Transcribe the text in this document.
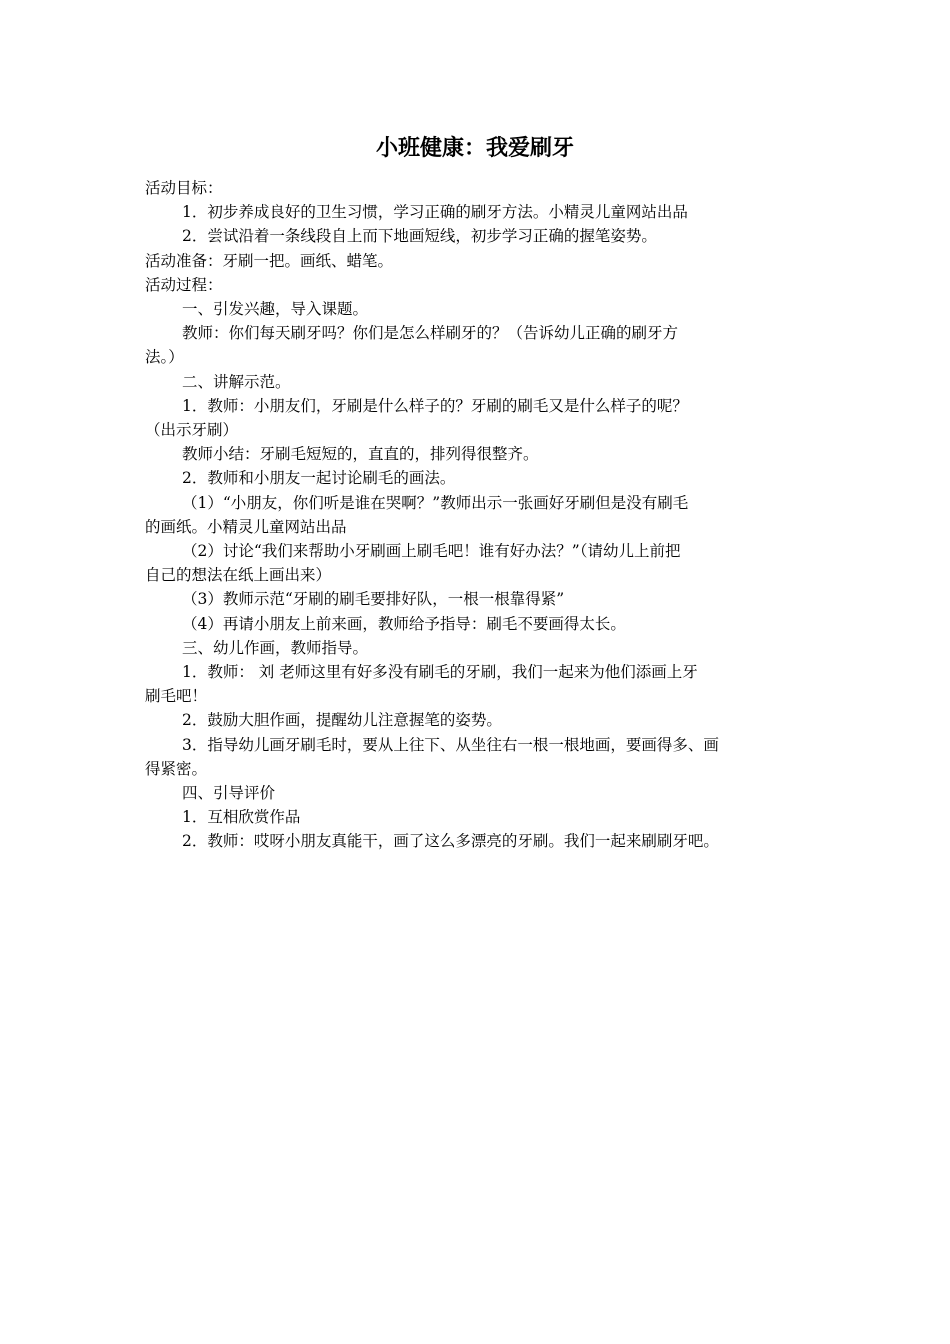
小班健康：我爱刷牙

活动目标：

1．初步养成良好的卫生习惯，学习正确的刷牙方法。小精灵儿童网站出品

2．尝试沿着一条线段自上而下地画短线，初步学习正确的握笔姿势。

活动准备：牙刷一把。画纸、蜡笔。

活动过程：

一、引发兴趣，导入课题。

教师：你们每天刷牙吗？你们是怎么样刷牙的？（告诉幼儿正确的刷牙方

法。）

二、讲解示范。

1．教师：小朋友们，牙刷是什么样子的？牙刷的刷毛又是什么样子的呢？

（出示牙刷）

教师小结：牙刷毛短短的，直直的，排列得很整齐。

2．教师和小朋友一起讨论刷毛的画法。

（1）“小朋友，你们听是谁在哭啊？”教师出示一张画好牙刷但是没有刷毛

的画纸。小精灵儿童网站出品

（2）讨论“我们来帮助小牙刷画上刷毛吧！谁有好办法？”（请幼儿上前把

自己的想法在纸上画出来）

（3）教师示范“牙刷的刷毛要排好队，一根一根靠得紧”

（4）再请小朋友上前来画，教师给予指导：刷毛不要画得太长。

三、幼儿作画，教师指导。

1．教师： 刘 老师这里有好多没有刷毛的牙刷，我们一起来为他们添画上牙

刷毛吧！

2．鼓励大胆作画，提醒幼儿注意握笔的姿势。

3．指导幼儿画牙刷毛时，要从上往下、从坐往右一根一根地画，要画得多、画

得紧密。

四、引导评价

1．互相欣赏作品

2．教师：哎呀小朋友真能干，画了这么多漂亮的牙刷。我们一起来刷刷牙吧。
